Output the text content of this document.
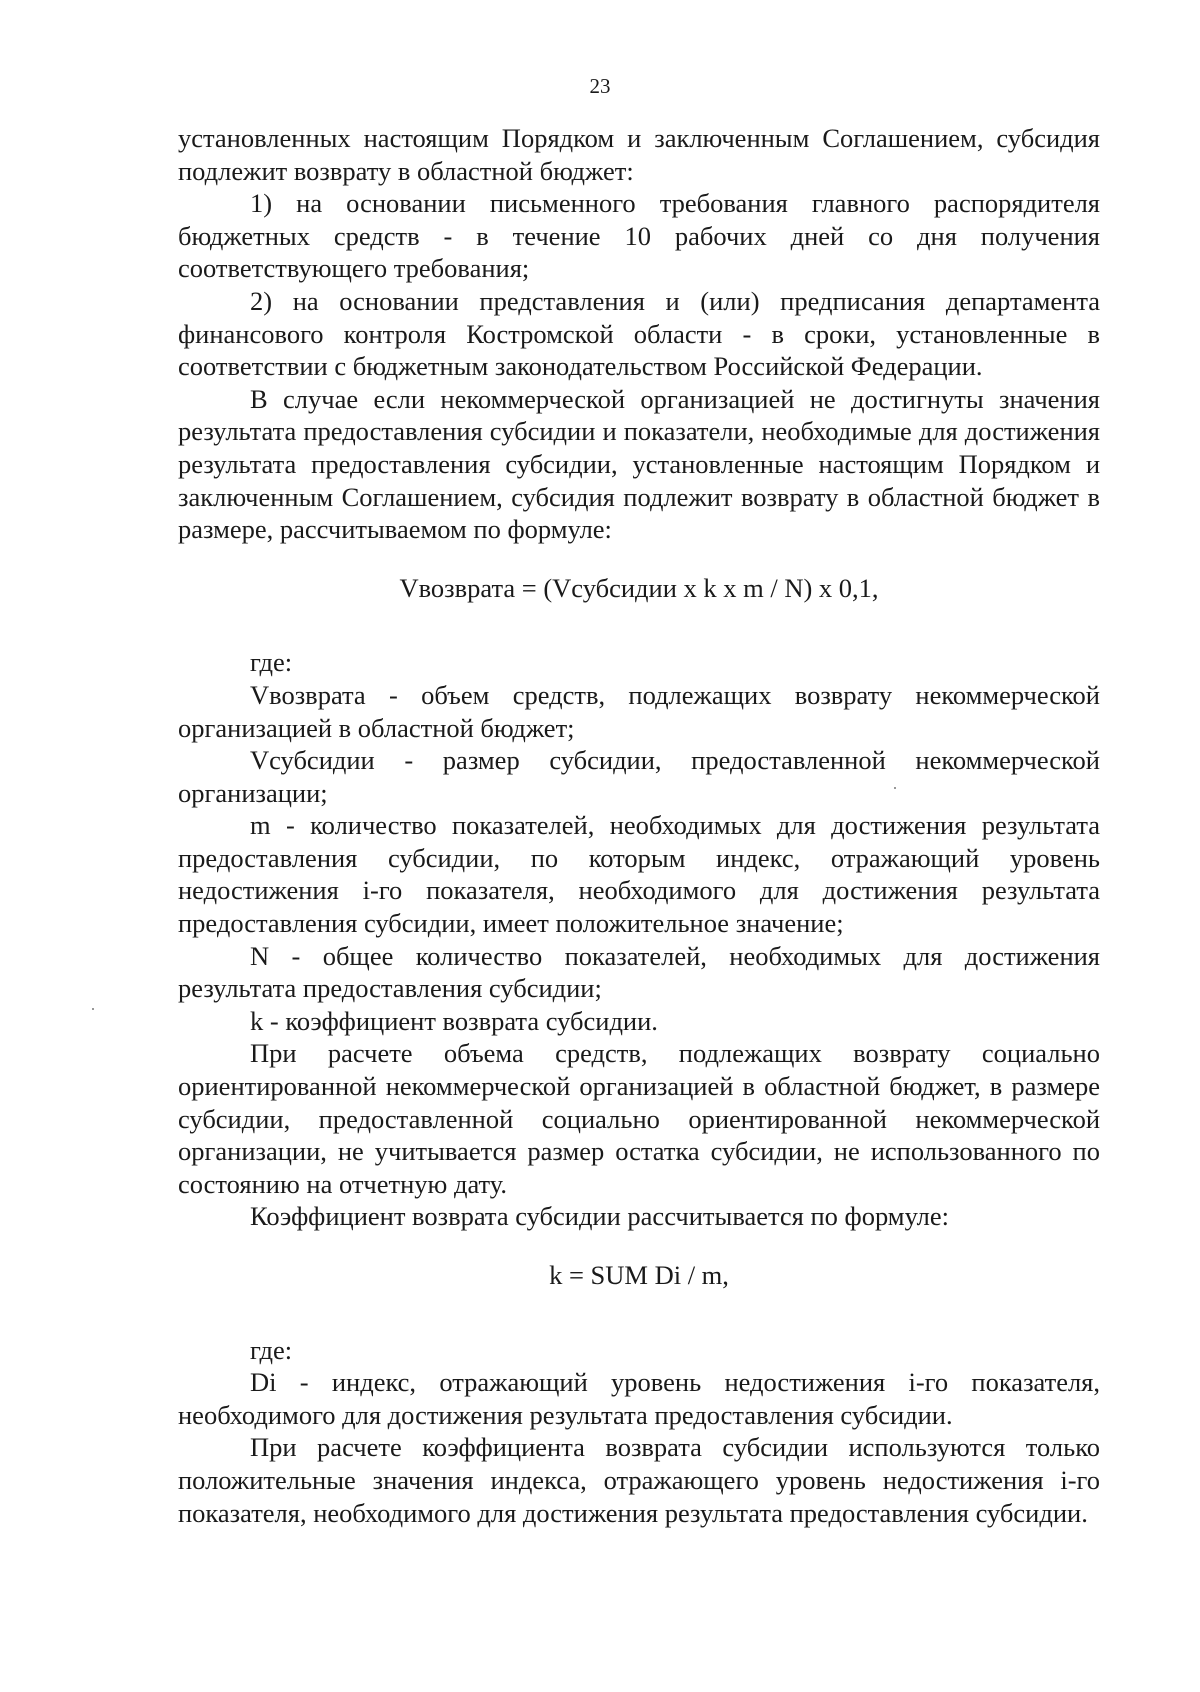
23

установленных настоящим Порядком и заключенным Соглашением, субсидия подлежит возврату в областной бюджет:

1) на основании письменного требования главного распорядителя бюджетных средств - в течение 10 рабочих дней со дня получения соответствующего требования;

2) на основании представления и (или) предписания департамента финансового контроля Костромской области - в сроки, установленные в соответствии с бюджетным законодательством Российской Федерации.

В случае если некоммерческой организацией не достигнуты значения результата предоставления субсидии и показатели, необходимые для достижения результата предоставления субсидии, установленные настоящим Порядком и заключенным Соглашением, субсидия подлежит возврату в областной бюджет в размере, рассчитываемом по формуле:

Vвозврата = (Vсубсидии x k x m / N) x 0,1,

где:

Vвозврата - объем средств, подлежащих возврату некоммерческой организацией в областной бюджет;

Vсубсидии - размер субсидии, предоставленной некоммерческой организации;

m - количество показателей, необходимых для достижения результата предоставления субсидии, по которым индекс, отражающий уровень недостижения i-го показателя, необходимого для достижения результата предоставления субсидии, имеет положительное значение;

N - общее количество показателей, необходимых для достижения результата предоставления субсидии;

k - коэффициент возврата субсидии.

При расчете объема средств, подлежащих возврату социально ориентированной некоммерческой организацией в областной бюджет, в размере субсидии, предоставленной социально ориентированной некоммерческой организации, не учитывается размер остатка субсидии, не использованного по состоянию на отчетную дату.

Коэффициент возврата субсидии рассчитывается по формуле:

k = SUM Di / m,

где:

Di - индекс, отражающий уровень недостижения i-го показателя, необходимого для достижения результата предоставления субсидии.

При расчете коэффициента возврата субсидии используются только положительные значения индекса, отражающего уровень недостижения i-го показателя, необходимого для достижения результата предоставления субсидии.
